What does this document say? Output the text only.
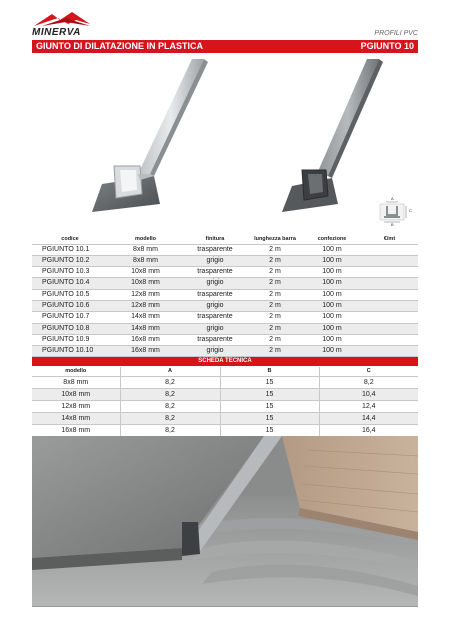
MINERVA	PROFILI PVC
GIUNTO DI DILATAZIONE IN PLASTICA	PGIUNTO 10
A
B
C
codice	modello	finitura	lunghezza barra	confezione	€/mt
PGIUNTO 10.1	8x8 mm	trasparente	2 m	100 m	
PGIUNTO 10.2	8x8 mm	grigio	2 m	100 m	
PGIUNTO 10.3	10x8 mm	trasparente	2 m	100 m	
PGIUNTO 10.4	10x8 mm	grigio	2 m	100 m	
PGIUNTO 10.5	12x8 mm	trasparente	2 m	100 m	
PGIUNTO 10.6	12x8 mm	grigio	2 m	100 m	
PGIUNTO 10.7	14x8 mm	trasparente	2 m	100 m	
PGIUNTO 10.8	14x8 mm	grigio	2 m	100 m	
PGIUNTO 10.9	16x8 mm	trasparente	2 m	100 m	
PGIUNTO 10.10	16x8 mm	grigio	2 m	100 m	
SCHEDA TECNICA
modello	A	B	C
8x8 mm	8,2	15	8,2
10x8 mm	8,2	15	10,4
12x8 mm	8,2	15	12,4
14x8 mm	8,2	15	14,4
16x8 mm	8,2	15	16,4
